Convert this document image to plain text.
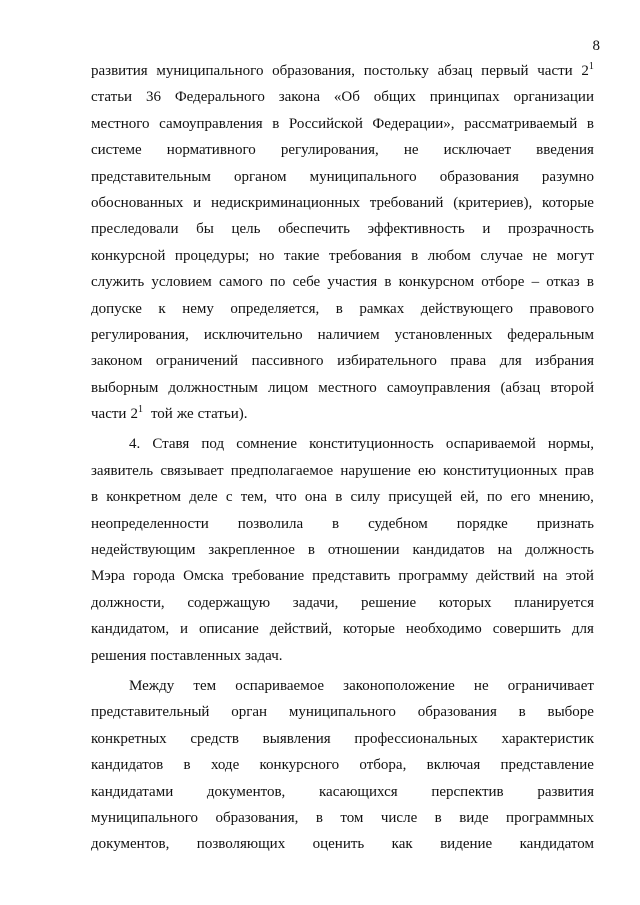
8
развития муниципального образования, постольку абзац первый части 21
статьи 36 Федерального закона «Об общих принципах организации
местного самоуправления в Российской Федерации», рассматриваемый в
системе нормативного регулирования, не исключает введения
представительным органом муниципального образования разумно
обоснованных и недискриминационных требований (критериев), которые
преследовали бы цель обеспечить эффективность и прозрачность
конкурсной процедуры; но такие требования в любом случае не могут
служить условием самого по себе участия в конкурсном отборе – отказ в
допуске к нему определяется, в рамках действующего правового
регулирования, исключительно наличием установленных федеральным
законом ограничений пассивного избирательного права для избрания
выборным должностным лицом местного самоуправления (абзац второй
части 21 той же статьи).
4. Ставя под сомнение конституционность оспариваемой нормы,
заявитель связывает предполагаемое нарушение ею конституционных прав
в конкретном деле с тем, что она в силу присущей ей, по его мнению,
неопределенности позволила в судебном порядке признать
недействующим закрепленное в отношении кандидатов на должность
Мэра города Омска требование представить программу действий на этой
должности, содержащую задачи, решение которых планируется
кандидатом, и описание действий, которые необходимо совершить для
решения поставленных задач.
Между тем оспариваемое законоположение не ограничивает
представительный орган муниципального образования в выборе
конкретных средств выявления профессиональных характеристик
кандидатов в ходе конкурсного отбора, включая представление
кандидатами документов, касающихся перспектив развития
муниципального образования, в том числе в виде программных
документов, позволяющих оценить как видение кандидатом
